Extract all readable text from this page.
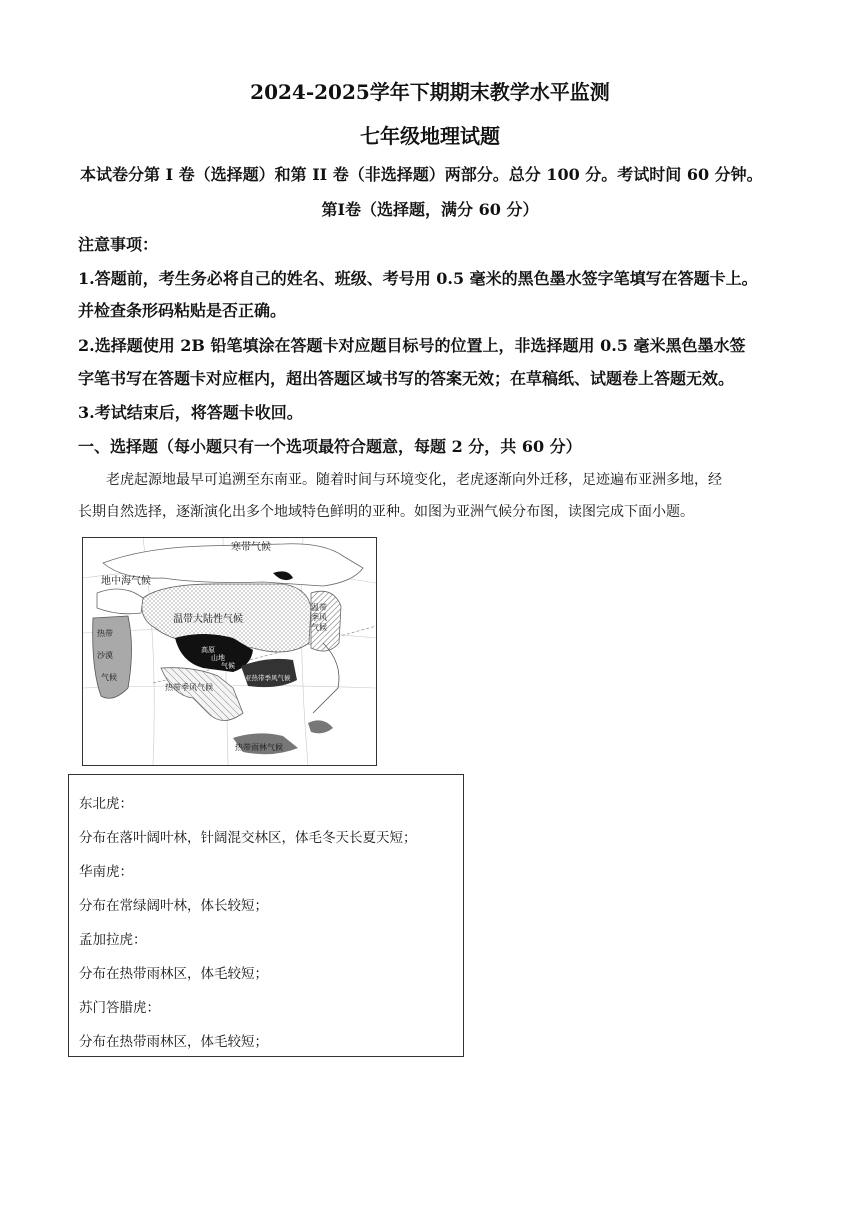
2024-2025学年下期期末教学水平监测
七年级地理试题
本试卷分第 I 卷（选择题）和第 II 卷（非选择题）两部分。总分 100 分。考试时间 60 分钟。
第Ⅰ卷（选择题，满分 60 分）
注意事项：
1.答题前，考生务必将自己的姓名、班级、考号用 0.5 毫米的黑色墨水签字笔填写在答题卡上。
并检查条形码粘贴是否正确。
2.选择题使用 2B 铅笔填涂在答题卡对应题目标号的位置上，非选择题用 0.5 毫米黑色墨水签
字笔书写在答题卡对应框内，超出答题区域书写的答案无效；在草稿纸、试题卷上答题无效。
3.考试结束后，将答题卡收回。
一、选择题（每小题只有一个选项最符合题意，每题 2 分，共 60 分）
老虎起源地最早可追溯至东南亚。随着时间与环境变化，老虎逐渐向外迁移，足迹遍布亚洲多地，经
长期自然选择，逐渐演化出多个地域特色鲜明的亚种。如图为亚洲气候分布图，读图完成下面小题。
寒带气候
地中海气候
温带大陆性气候
温带
季风
气候
热带
沙漠
气候
高原
山地
气候
热带季风气候
亚热带季风气候
热带雨林气候
东北虎：
分布在落叶阔叶林，针阔混交林区，体毛冬天长夏天短；
华南虎：
分布在常绿阔叶林，体长较短；
孟加拉虎：
分布在热带雨林区，体毛较短；
苏门答腊虎：
分布在热带雨林区，体毛较短；
